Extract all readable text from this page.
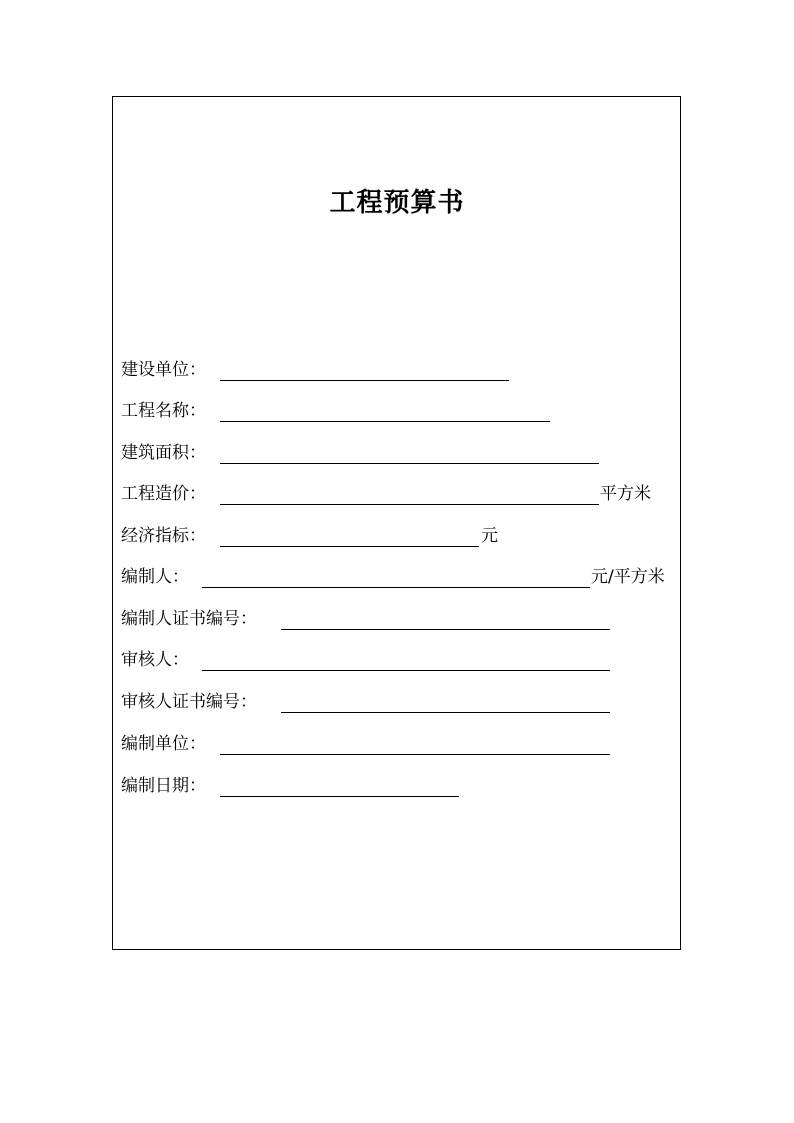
工程预算书
建设单位：
工程名称：
建筑面积：
工程造价：	平方米
经济指标：	元
编制人：	元/平方米
编制人证书编号：
审核人：
审核人证书编号：
编制单位：
编制日期：
